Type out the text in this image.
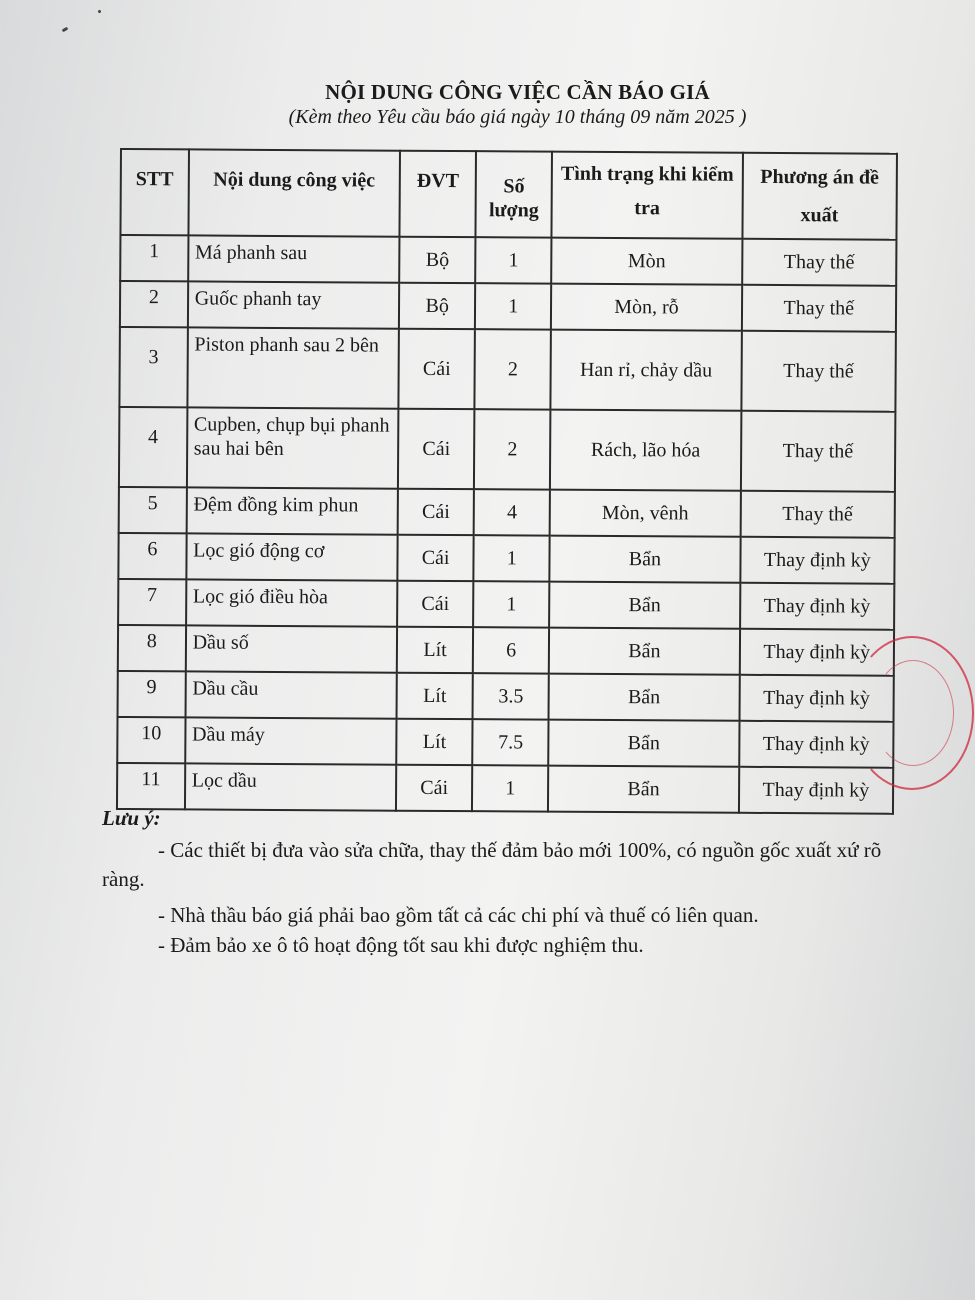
NỘI DUNG CÔNG VIỆC CẦN BÁO GIÁ
(Kèm theo Yêu cầu báo giá ngày 10 tháng 09 năm 2025 )
STT	Nội dung công việc	ĐVT	Số lượng	Tình trạng khi kiểm tra	Phương án đề xuất
1	Má phanh sau	Bộ	1	Mòn	Thay thế
2	Guốc phanh tay	Bộ	1	Mòn, rỗ	Thay thế
3	Piston phanh sau 2 bên	Cái	2	Han rỉ, chảy dầu	Thay thế
4	Cupben, chụp bụi phanh sau hai bên	Cái	2	Rách, lão hóa	Thay thế
5	Đệm đồng kim phun	Cái	4	Mòn, vênh	Thay thế
6	Lọc gió động cơ	Cái	1	Bẩn	Thay định kỳ
7	Lọc gió điều hòa	Cái	1	Bẩn	Thay định kỳ
8	Dầu số	Lít	6	Bẩn	Thay định kỳ
9	Dầu cầu	Lít	3.5	Bẩn	Thay định kỳ
10	Dầu máy	Lít	7.5	Bẩn	Thay định kỳ
11	Lọc dầu	Cái	1	Bẩn	Thay định kỳ
Lưu ý:
- Các thiết bị đưa vào sửa chữa, thay thế đảm bảo mới 100%, có nguồn gốc xuất xứ rõ ràng.
- Nhà thầu báo giá phải bao gồm tất cả các chi phí và thuế có liên quan.
- Đảm bảo xe ô tô hoạt động tốt sau khi được nghiệm thu.
